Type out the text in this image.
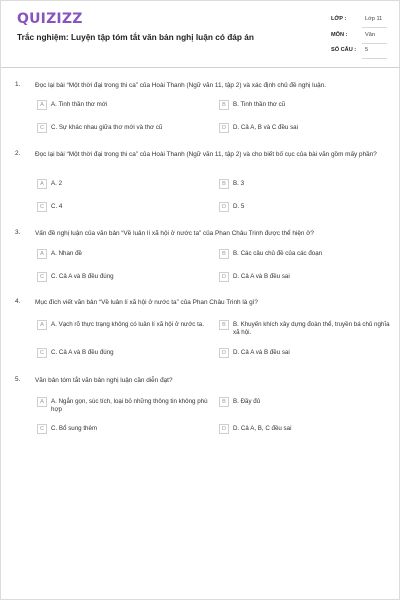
QUIZIZZ
Trắc nghiệm: Luyện tập tóm tắt văn bản nghị luận có đáp án
LỚP :	Lớp 11
MÔN :	Văn
SỐ CÂU : 5
1. Đọc lại bài “Một thời đại trong thi ca” của Hoài Thanh (Ngữ văn 11, tập 2) và xác định chủ đề nghị luận.
A	A. Tinh thần thơ mới	B	B. Tinh thần thơ cũ
C	C. Sự khác nhau giữa thơ mới và thơ cũ	D	D. Cả A, B và C đều sai
2. Đọc lại bài “Một thời đại trong thi ca” của Hoài Thanh (Ngữ văn 11, tập 2) và cho biết bố cục của bài văn gồm mấy phần?
A	A. 2	B	B. 3
C	C. 4	D	D. 5
3. Vấn đề nghị luận của văn bản “Về luân lí xã hội ở nước ta” của Phan Châu Trinh được thể hiện ở?
A	A. Nhan đề	B	B. Các câu chủ đề của các đoạn
C	C. Cả A và B đều đúng	D	D. Cả A và B đều sai
4. Mục đích viết văn bản “Về luân lí xã hội ở nước ta” của Phan Châu Trinh là gì?
A	A. Vạch rõ thực trạng không có luân lí xã hội ở nước ta.	B	B. Khuyến khích xây dựng đoàn thể, truyền bá chủ nghĩa xã hội.
C	C. Cả A và B đều đúng	D	D. Cả A và B đều sai
5. Văn bản tóm tắt văn bản nghị luận cần diễn đạt?
A	A. Ngắn gọn, súc tích, loại bỏ những thông tin không phù hợp
B	B. Đầy đủ
C	C. Bổ sung thêm	D	D. Cả A, B, C đều sai
